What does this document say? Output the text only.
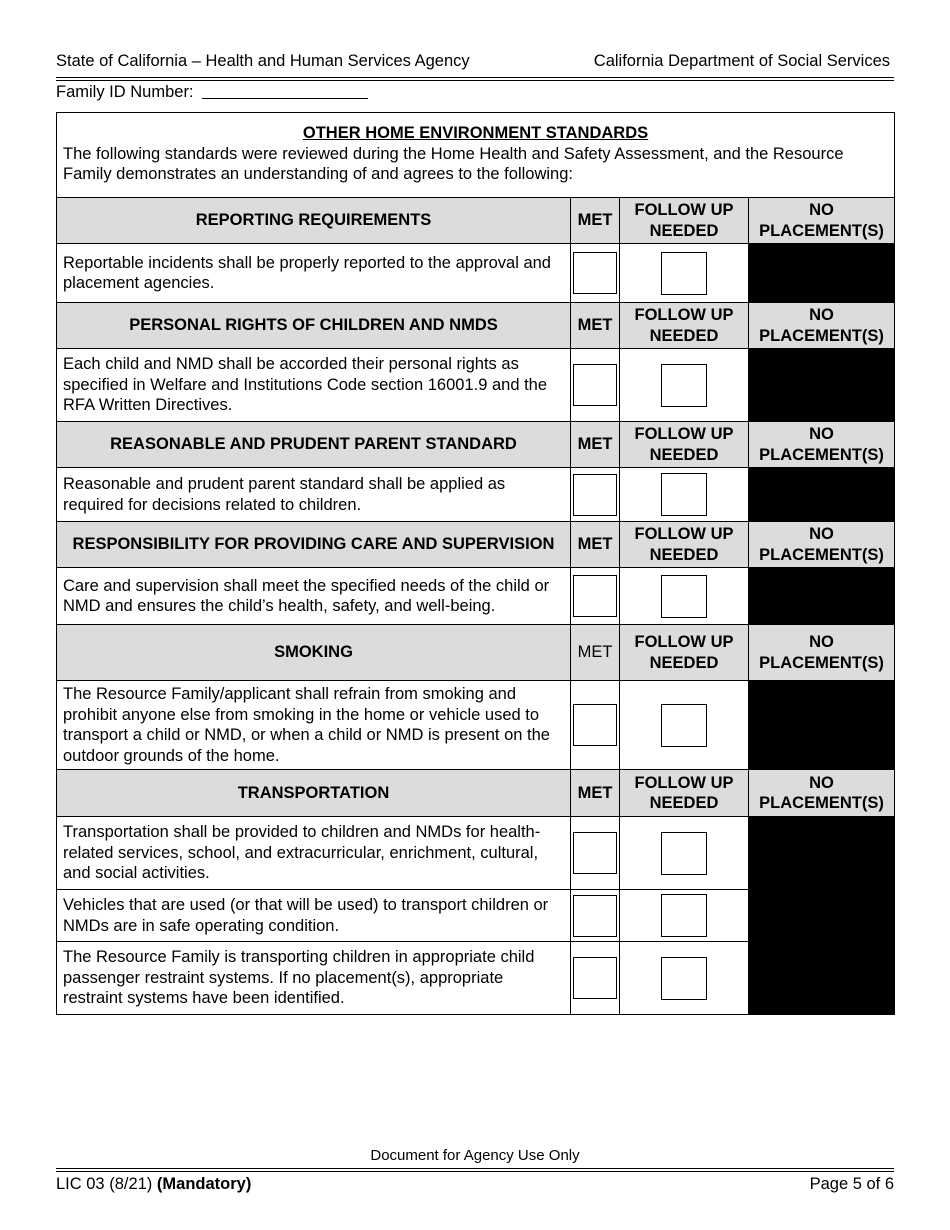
State of California – Health and Human Services Agency	California Department of Social Services
Family ID Number:
OTHER HOME ENVIRONMENT STANDARDS
The following standards were reviewed during the Home Health and Safety Assessment, and the Resource Family demonstrates an understanding of and agrees to the following:			

REPORTING REQUIREMENTS	MET	FOLLOW UP NEEDED	NO PLACEMENT(S)
Reportable incidents shall be properly reported to the approval and placement agencies.	

PERSONAL RIGHTS OF CHILDREN AND NMDS	MET	FOLLOW UP NEEDED	NO PLACEMENT(S)
Each child and NMD shall be accorded their personal rights as specified in Welfare and Institutions Code section 16001.9 and the RFA Written Directives.	

REASONABLE AND PRUDENT PARENT STANDARD	MET	FOLLOW UP NEEDED	NO PLACEMENT(S)
Reasonable and prudent parent standard shall be applied as required for decisions related to children.	

RESPONSIBILITY FOR PROVIDING CARE AND SUPERVISION	MET	FOLLOW UP NEEDED	NO PLACEMENT(S)
Care and supervision shall meet the specified needs of the child or NMD and ensures the child’s health, safety, and well-being.	

SMOKING	MET	FOLLOW UP NEEDED	NO PLACEMENT(S)
The Resource Family/applicant shall refrain from smoking and prohibit anyone else from smoking in the home or vehicle used to transport a child or NMD, or when a child or NMD is present on the outdoor grounds of the home.	

TRANSPORTATION	MET	FOLLOW UP NEEDED	NO PLACEMENT(S)
Transportation shall be provided to children and NMDs for health-related services, school, and extracurricular, enrichment, cultural, and social activities.	

Vehicles that are used (or that will be used) to transport children or NMDs are in safe operating condition.		

The Resource Family is transporting children in appropriate child passenger restraint systems. If no placement(s), appropriate restraint systems have been identified.		

Document for Agency Use Only
LIC 03 (8/21) (Mandatory)	Page 5 of 6
